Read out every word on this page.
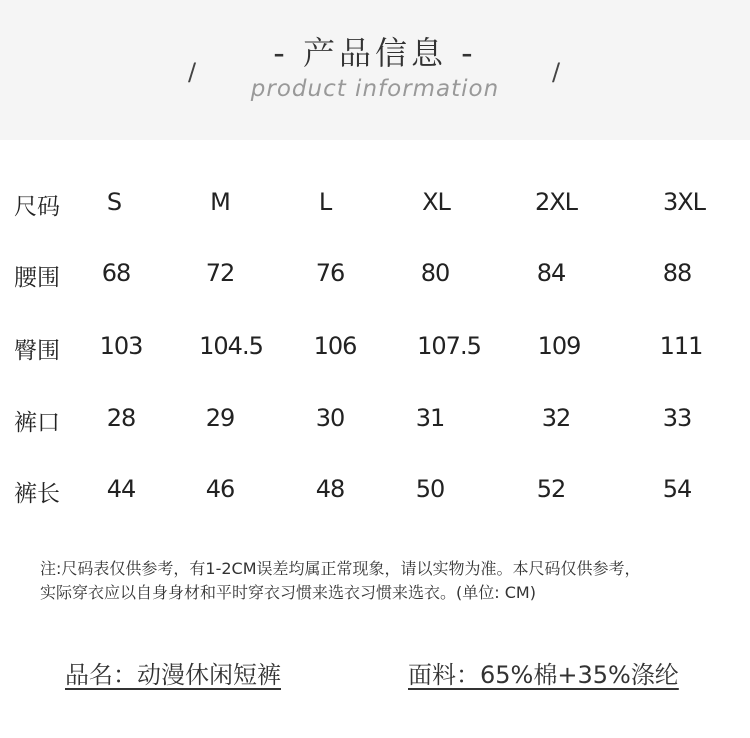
/	- 产品信息 -	/
product information
尺码 S	M	L	XL	2XL	3XL
腰围 68	72	76	80	84	88
臀围 103 104.5 106	107.5 109	111
裤口 28	29	30	31	32	33
裤长 44	46	48	50	52	54
注:尺码表仅供参考，有1-2CM误差均属正常现象，请以实物为准。本尺码仅供参考，
实际穿衣应以自身身材和平时穿衣习惯来选衣习惯来选衣。(单位: CM)
品名：动漫休闲短裤	面料：65%棉+35%涤纶
